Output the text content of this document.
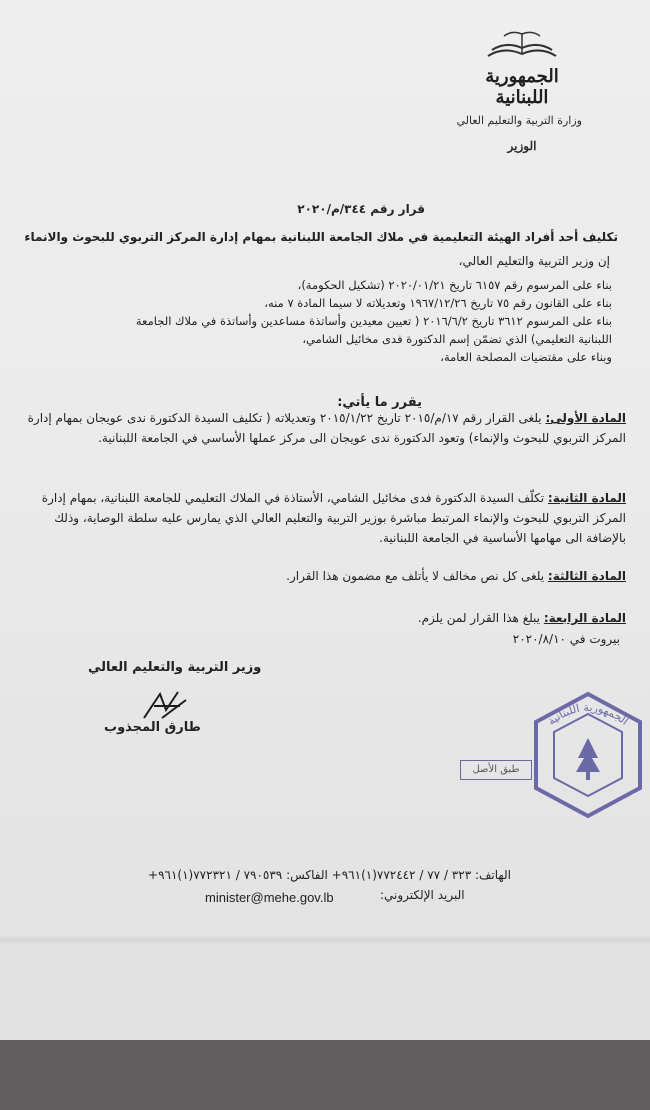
الجمهورية اللبنانية
وزارة التربية والتعليم العالي
الوزير
قرار رقم ٣٤٤/م/٢٠٢٠
تكليف أحد أفراد الهيئة التعليمية في ملاك الجامعة اللبنانية بمهام إدارة المركز التربوي للبحوث والانماء
إن وزير التربية والتعليم العالي،
بناء على المرسوم رقم ٦١٥٧ تاريخ ٢٠٢٠/٠١/٢١ (تشكيل الحكومة)،
بناء على القانون رقم ٧٥ تاريخ ١٩٦٧/١٢/٢٦ وتعديلاته لا سيما المادة ٧ منه،
بناء على المرسوم ٣٦١٢ تاريخ ٢٠١٦/٦/٢ ( تعيين معيدين وأساتذة مساعدين وأساتذة في ملاك الجامعة
اللبنانية التعليمي) الذي تضمّن إسم الدكتورة فدى مخائيل الشامي،
وبناء على مقتضيات المصلحة العامة،
يقرر ما يأتي:
المادة الأولى: يلغى القرار رقم ١٧/م/٢٠١٥ تاريخ ٢٠١٥/١/٢٢ وتعديلاته ( تكليف السيدة الدكتورة ندى عويجان بمهام إدارة المركز التربوي للبحوث والإنماء) وتعود الدكتورة ندى عويجان الى مركز عملها الأساسي في الجامعة اللبنانية.
المادة الثانية: تكلّف السيدة الدكتورة فدى مخائيل الشامي، الأستاذة في الملاك التعليمي للجامعة اللبنانية، بمهام إدارة المركز التربوي للبحوث والإنماء المرتبط مباشرة بوزير التربية والتعليم العالي الذي يمارس عليه سلطة الوصاية، وذلك بالإضافة الى مهامها الأساسية في الجامعة اللبنانية.
المادة الثالثة: يلغى كل نص مخالف لا يأتلف مع مضمون هذا القرار.
المادة الرابعة: يبلغ هذا القرار لمن يلزم.
بيروت في ٢٠٢٠/٨/١٠
وزير التربية والتعليم العالي
طارق المجذوب	الجمهورية اللبنانية
طبق الأصل
الهاتف: ٣٢٣ / ٧٧ / ٧٧٢٤٤٢(١)٩٦١+ الفاكس: ٧٩٠٥٣٩ / ٧٧٢٣٢١(١)٩٦١+
البريد الإلكتروني:
minister@mehe.gov.lb
